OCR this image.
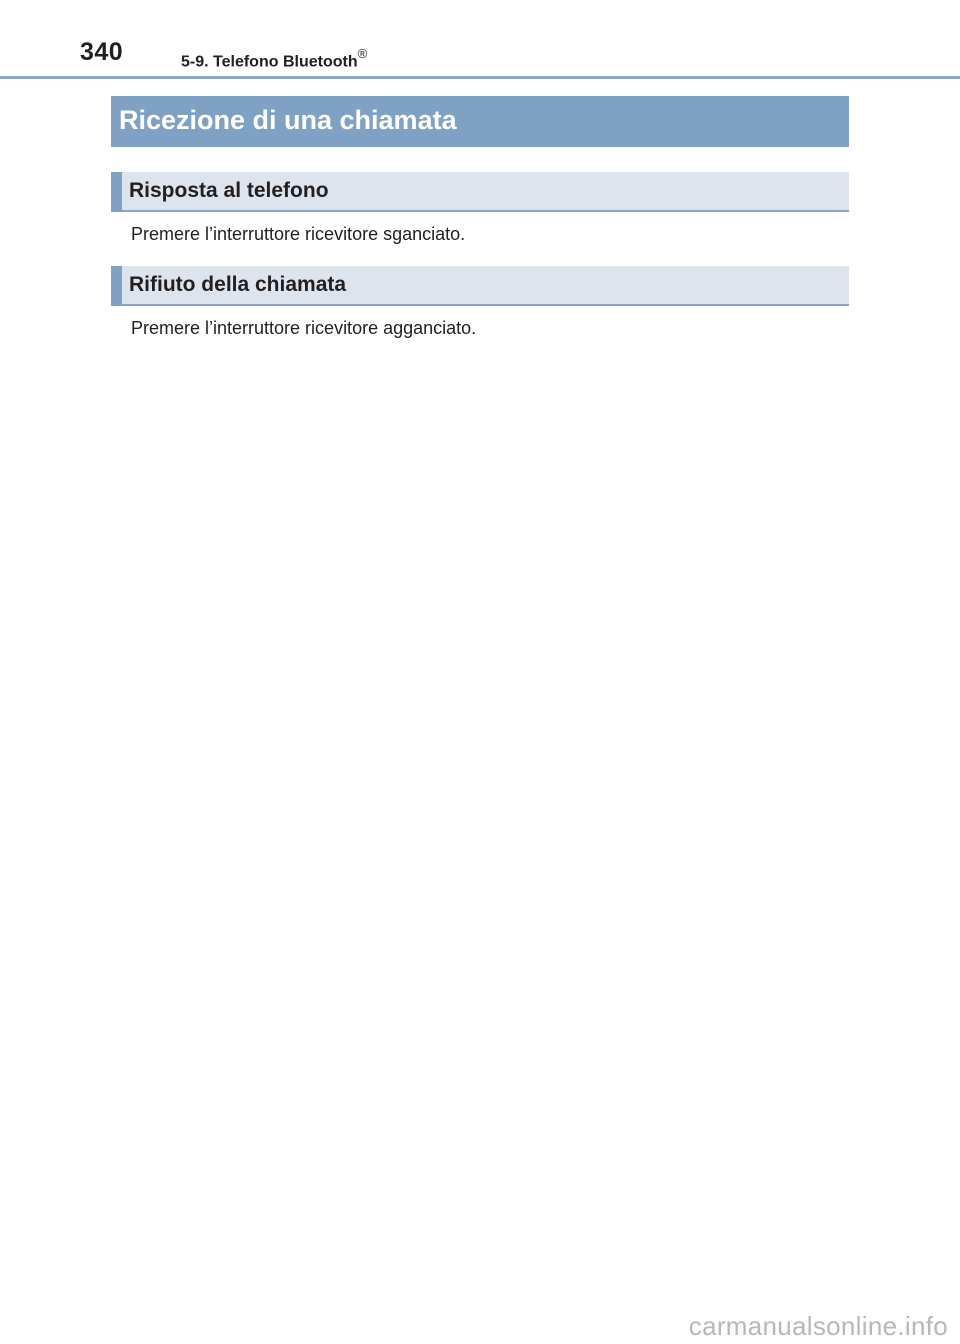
340	5-9. Telefono Bluetooth®
Ricezione di una chiamata
Risposta al telefono
Premere l’interruttore ricevitore sganciato.
Rifiuto della chiamata
Premere l’interruttore ricevitore agganciato.
carmanualsonline.info
